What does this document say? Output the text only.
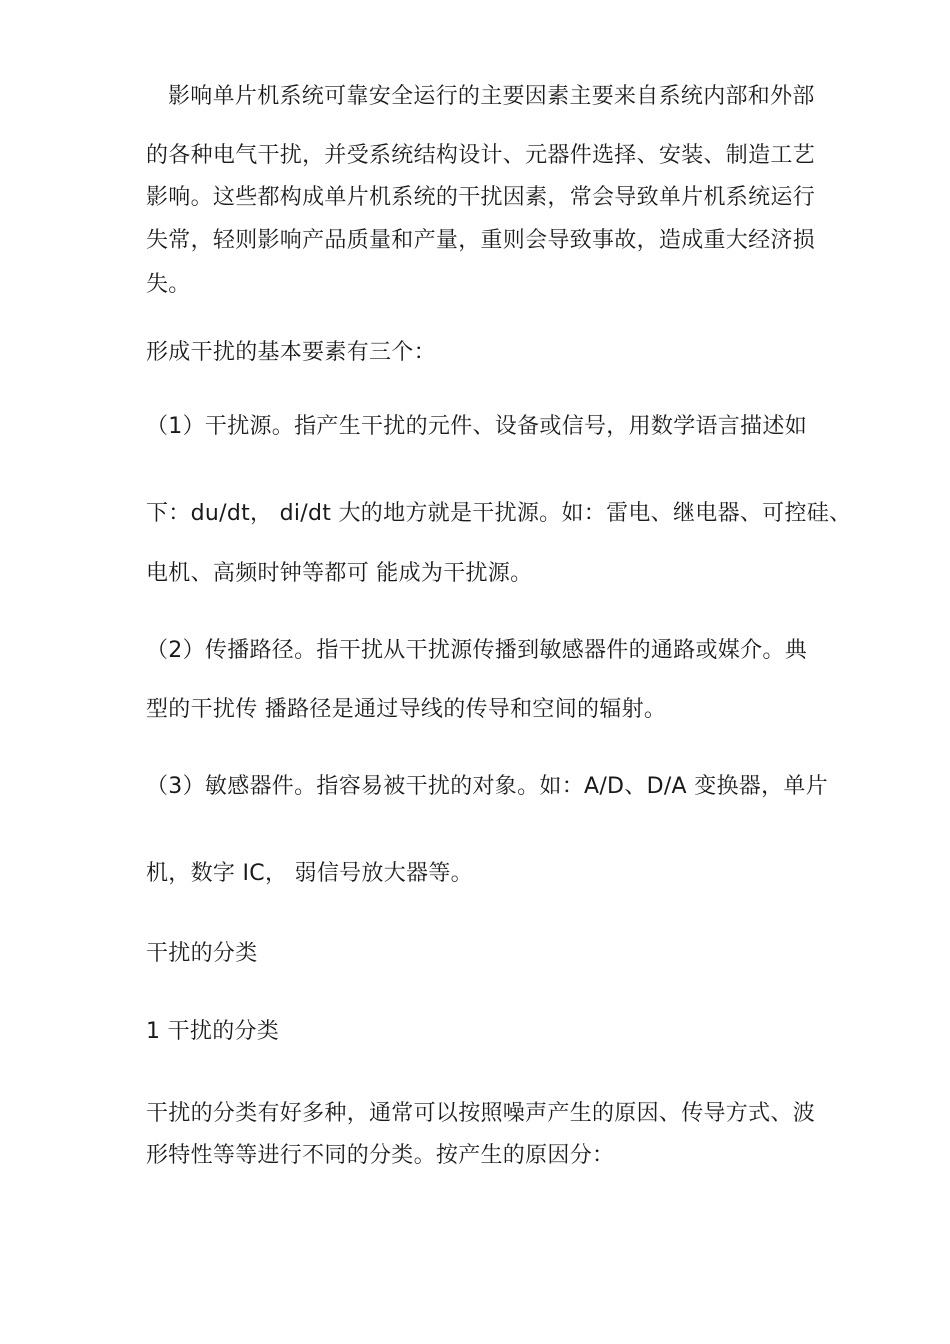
影响单片机系统可靠安全运行的主要因素主要来自系统内部和外部
的各种电气干扰，并受系统结构设计、元器件选择、安装、制造工艺
影响。这些都构成单片机系统的干扰因素，常会导致单片机系统运行
失常，轻则影响产品质量和产量，重则会导致事故，造成重大经济损
失。
形成干扰的基本要素有三个：
（1）干扰源。指产生干扰的元件、设备或信号，用数学语言描述如
下：du/dt， di/dt 大的地方就是干扰源。如：雷电、继电器、可控硅、
电机、高频时钟等都可 能成为干扰源。
（2）传播路径。指干扰从干扰源传播到敏感器件的通路或媒介。典
型的干扰传 播路径是通过导线的传导和空间的辐射。
（3）敏感器件。指容易被干扰的对象。如：A/D、D/A 变换器，单片
机，数字 IC， 弱信号放大器等。
干扰的分类
1 干扰的分类
干扰的分类有好多种，通常可以按照噪声产生的原因、传导方式、波
形特性等等进行不同的分类。按产生的原因分：
